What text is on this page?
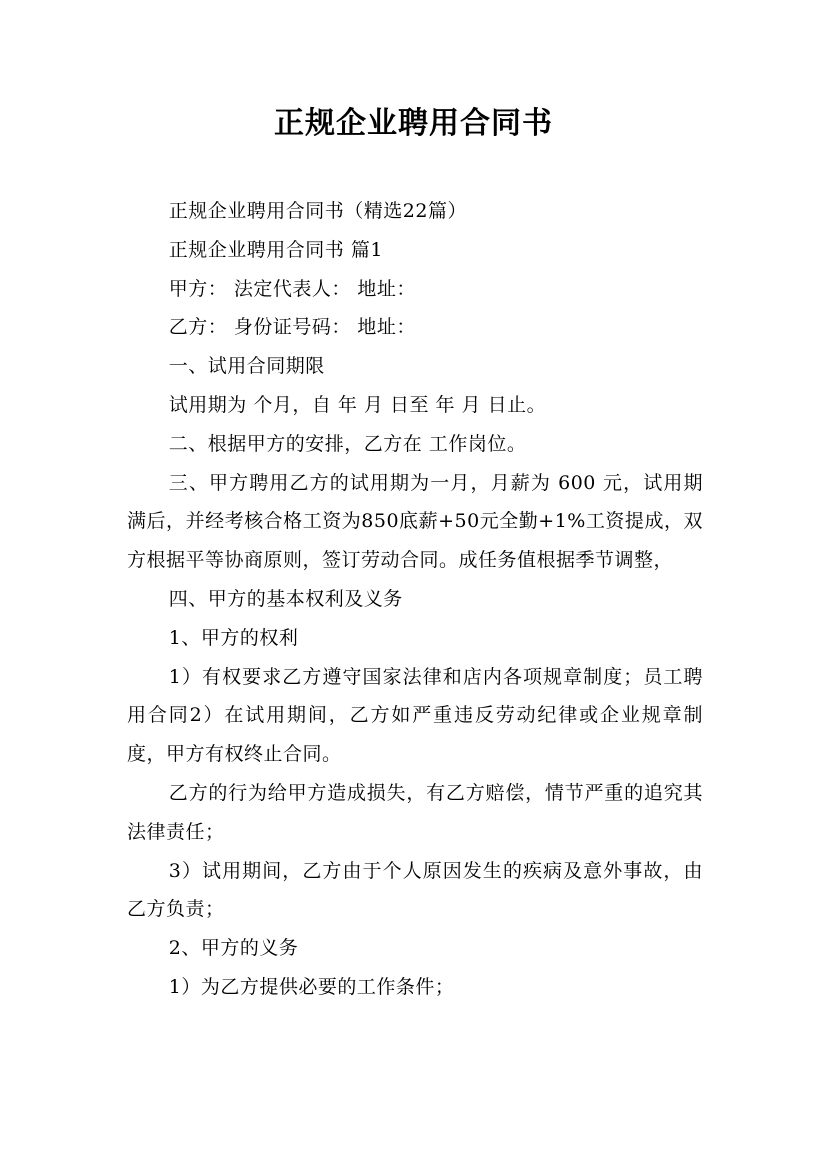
正规企业聘用合同书

正规企业聘用合同书（精选22篇）

正规企业聘用合同书 篇1

甲方： 法定代表人： 地址：

乙方： 身份证号码： 地址：

一、试用合同期限

试用期为 个月，自 年 月 日至 年 月 日止。

二、根据甲方的安排，乙方在 工作岗位。

三、甲方聘用乙方的试用期为一月，月薪为 600 元，试用期满后，并经考核合格工资为850底薪+50元全勤+1%工资提成，双方根据平等协商原则，签订劳动合同。成任务值根据季节调整，

四、甲方的基本权利及义务

1、甲方的权利

1）有权要求乙方遵守国家法律和店内各项规章制度；员工聘用合同2）在试用期间，乙方如严重违反劳动纪律或企业规章制度，甲方有权终止合同。

乙方的行为给甲方造成损失，有乙方赔偿，情节严重的追究其法律责任；

3）试用期间，乙方由于个人原因发生的疾病及意外事故，由乙方负责；

2、甲方的义务

1）为乙方提供必要的工作条件；
